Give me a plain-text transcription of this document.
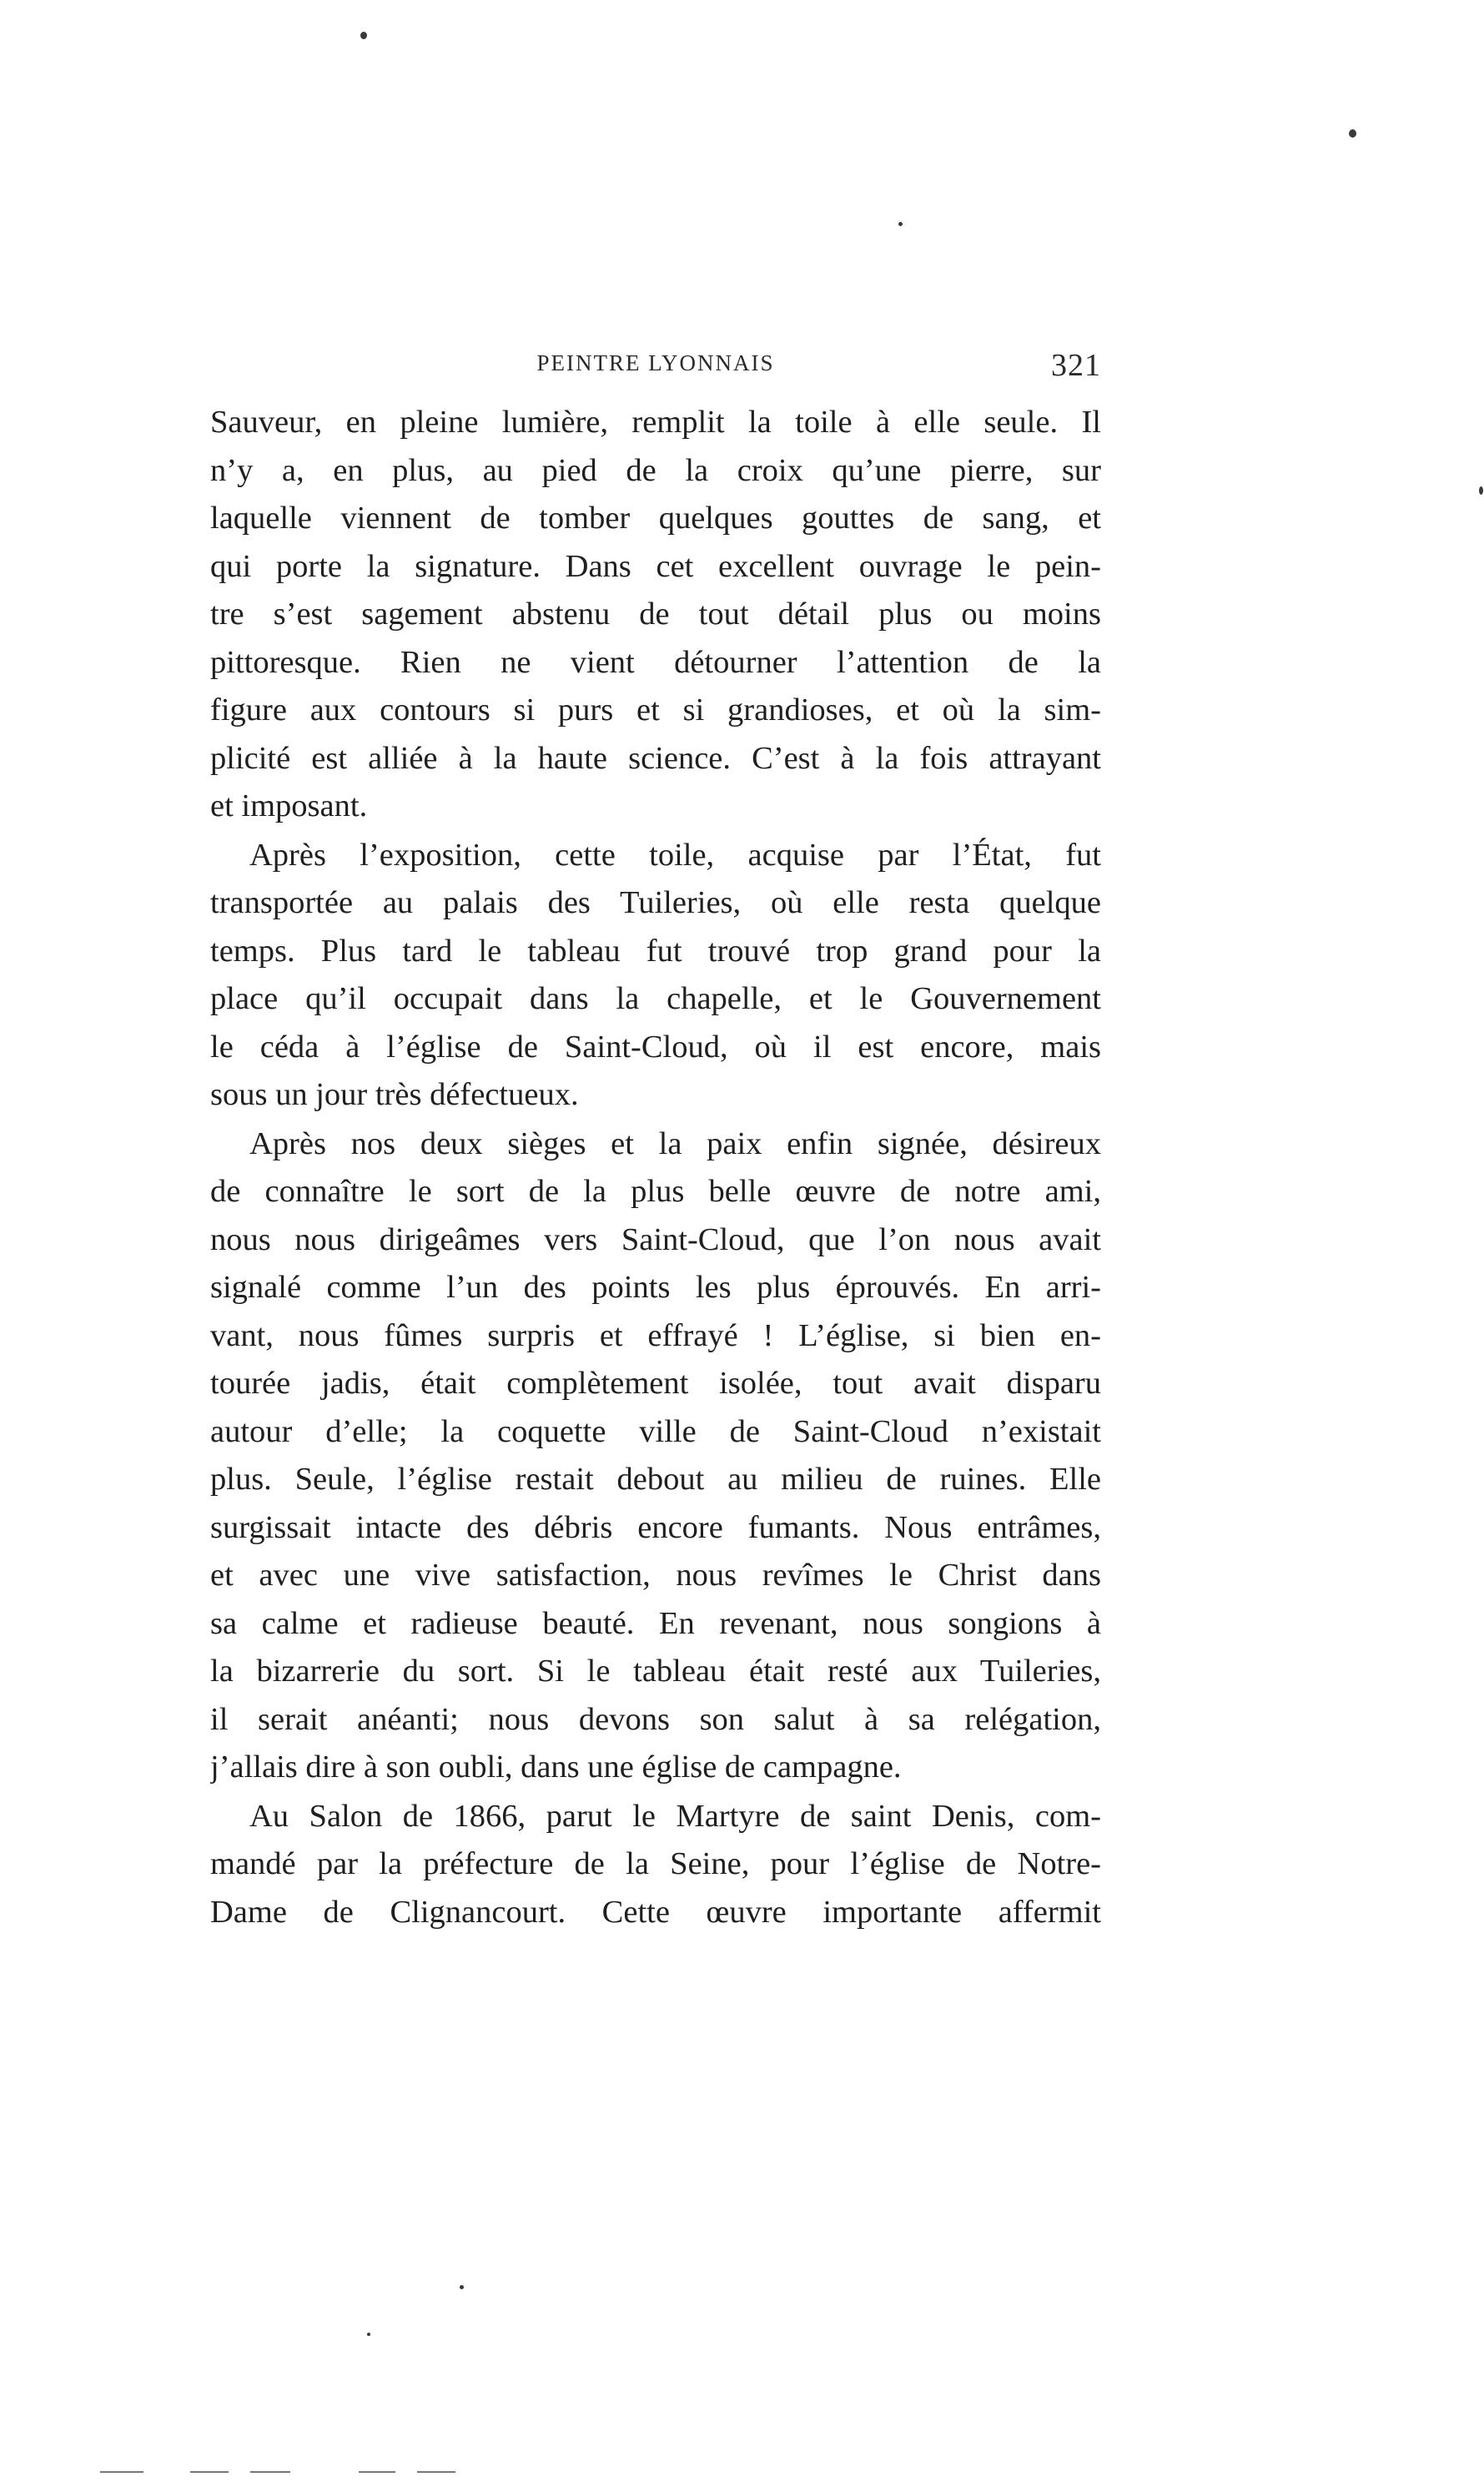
PEINTRE LYONNAIS	321
Sauveur, en pleine lumière, remplit la toile à elle seule. Il
n’y a, en plus, au pied de la croix qu’une pierre, sur
laquelle viennent de tomber quelques gouttes de sang, et
qui porte la signature. Dans cet excellent ouvrage le pein-
tre s’est sagement abstenu de tout détail plus ou moins
pittoresque. Rien ne vient détourner l’attention de la
figure aux contours si purs et si grandioses, et où la sim-
plicité est alliée à la haute science. C’est à la fois attrayant
et imposant.
Après l’exposition, cette toile, acquise par l’État, fut
transportée au palais des Tuileries, où elle resta quelque
temps. Plus tard le tableau fut trouvé trop grand pour la
place qu’il occupait dans la chapelle, et le Gouvernement
le céda à l’église de Saint-Cloud, où il est encore, mais
sous un jour très défectueux.
Après nos deux sièges et la paix enfin signée, désireux
de connaître le sort de la plus belle œuvre de notre ami,
nous nous dirigeâmes vers Saint-Cloud, que l’on nous avait
signalé comme l’un des points les plus éprouvés. En arri-
vant, nous fûmes surpris et effrayé ! L’église, si bien en-
tourée jadis, était complètement isolée, tout avait disparu
autour d’elle; la coquette ville de Saint-Cloud n’existait
plus. Seule, l’église restait debout au milieu de ruines. Elle
surgissait intacte des débris encore fumants. Nous entrâmes,
et avec une vive satisfaction, nous revîmes le Christ dans
sa calme et radieuse beauté. En revenant, nous songions à
la bizarrerie du sort. Si le tableau était resté aux Tuileries,
il serait anéanti; nous devons son salut à sa relégation,
j’allais dire à son oubli, dans une église de campagne.
Au Salon de 1866, parut le Martyre de saint Denis, com-
mandé par la préfecture de la Seine, pour l’église de Notre-
Dame de Clignancourt. Cette œuvre importante affermit
